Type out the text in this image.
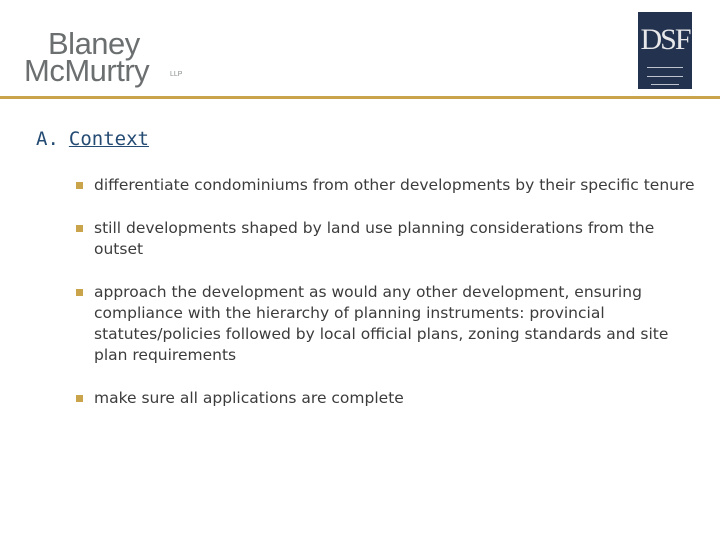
Blaney
McMurtry	LLP
DSF
A. Context
differentiate condominiums from other developments by their specific tenure
still developments shaped by land use planning considerations from the outset
approach the development as would any other development, ensuring compliance with the hierarchy of planning instruments: provincial statutes/policies followed by local official plans, zoning standards and site plan requirements
make sure all applications are complete
